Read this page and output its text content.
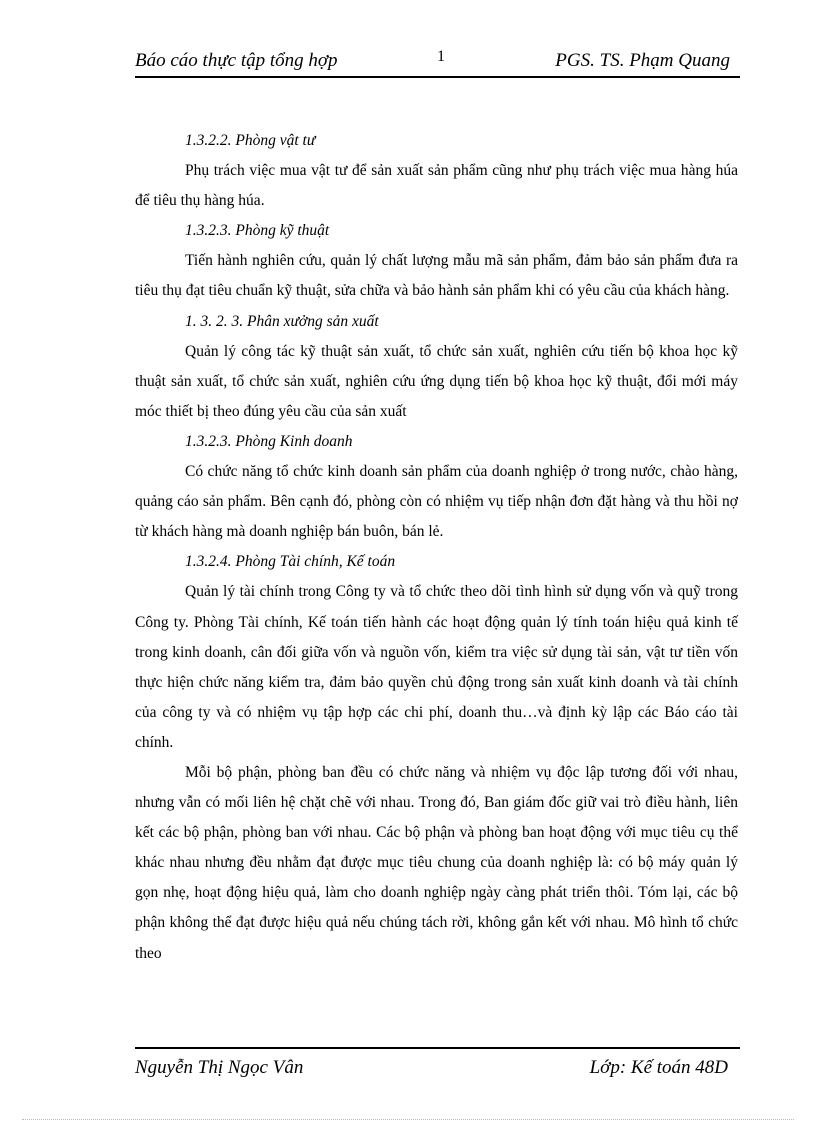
Báo cáo thực tập tổng hợp	1	PGS. TS. Phạm Quang

1.3.2.2. Phòng vật tư

Phụ trách việc mua vật tư để sản xuất sản phẩm cũng như phụ trách việc mua hàng húa để tiêu thụ hàng húa.

1.3.2.3. Phòng kỹ thuật

Tiến hành nghiên cứu, quản lý chất lượng mẫu mã sản phẩm, đảm bảo sản phẩm đưa ra tiêu thụ đạt tiêu chuẩn kỹ thuật, sửa chữa và bảo hành sản phẩm khi có yêu cầu của khách hàng.

1. 3. 2. 3. Phân xưởng sản xuất

Quản lý công tác kỹ thuật sản xuất, tổ chức sản xuất, nghiên cứu tiến bộ khoa học kỹ thuật sản xuất, tổ chức sản xuất, nghiên cứu ứng dụng tiến bộ khoa học kỹ thuật, đổi mới máy móc thiết bị theo đúng yêu cầu của sản xuất

1.3.2.3. Phòng Kinh doanh

Có chức năng tổ chức kinh doanh sản phẩm của doanh nghiệp ở trong nước, chào hàng, quảng cáo sản phẩm. Bên cạnh đó, phòng còn có nhiệm vụ tiếp nhận đơn đặt hàng và thu hồi nợ từ khách hàng mà doanh nghiệp bán buôn, bán lẻ.

1.3.2.4. Phòng Tài chính, Kế toán

Quản lý tài chính trong Công ty và tổ chức theo dõi tình hình sử dụng vốn và quỹ trong Công ty. Phòng Tài chính, Kế toán tiến hành các hoạt động quản lý tính toán hiệu quả kinh tế trong kinh doanh, cân đối giữa vốn và nguồn vốn, kiểm tra việc sử dụng tài sản, vật tư tiền vốn thực hiện chức năng kiểm tra, đảm bảo quyền chủ động trong sản xuất kinh doanh và tài chính của công ty và có nhiệm vụ tập hợp các chi phí, doanh thu…và định kỳ lập các Báo cáo tài chính.

Mỗi bộ phận, phòng ban đều có chức năng và nhiệm vụ độc lập tương đối với nhau, nhưng vẫn có mối liên hệ chặt chẽ với nhau. Trong đó, Ban giám đốc giữ vai trò điều hành, liên kết các bộ phận, phòng ban với nhau. Các bộ phận và phòng ban hoạt động với mục tiêu cụ thể khác nhau nhưng đều nhằm đạt được mục tiêu chung của doanh nghiệp là: có bộ máy quản lý gọn nhẹ, hoạt động hiệu quả, làm cho doanh nghiệp ngày càng phát triển thôi. Tóm lại, các bộ phận không thể đạt được hiệu quả nếu chúng tách rời, không gắn kết với nhau. Mô hình tổ chức theo

Nguyễn Thị Ngọc Vân	Lớp: Kế toán 48D
